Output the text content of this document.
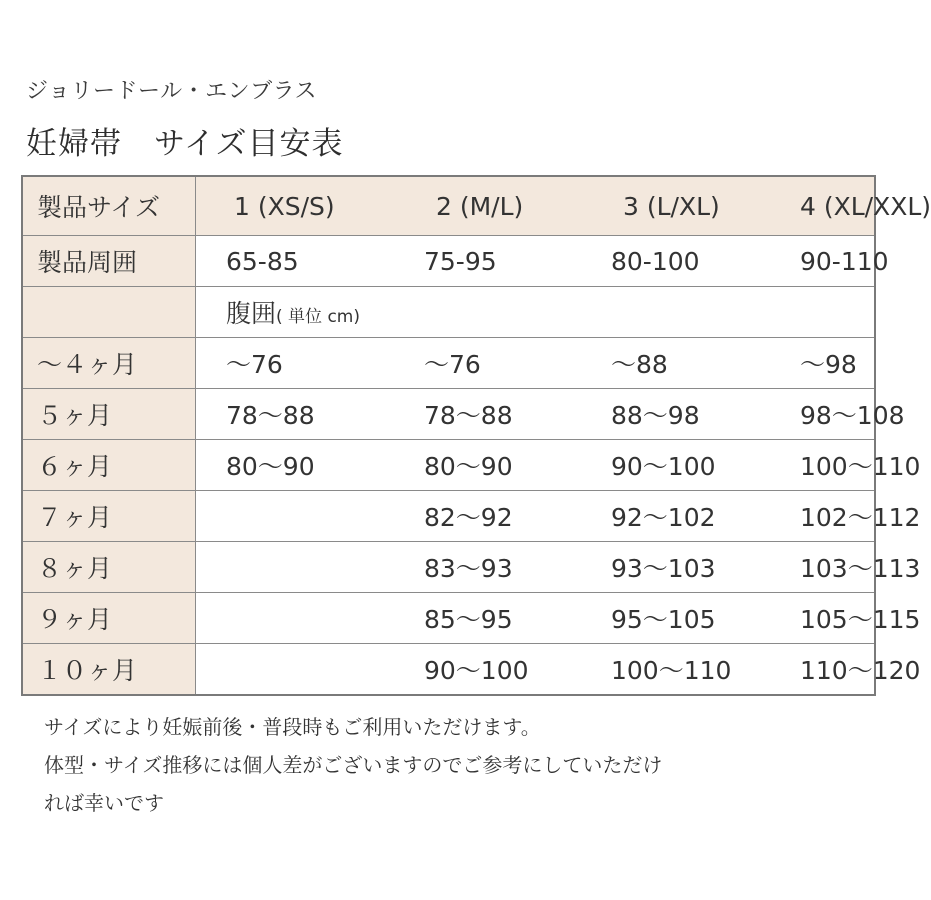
ジョリードール・エンブラス
妊婦帯　サイズ目安表
製品サイズ	1 (XS/S)	2 (M/L)	3 (L/XL)	4 (XL/XXL)
製品周囲	65-85	75-95	80-100	90-110
	腹囲( 単位 cm)			
～４ヶ月	～76	～76	～88	～98
５ヶ月	78～88	78～88	88～98	98～108
６ヶ月	80～90	80～90	90～100	100～110
７ヶ月		82～92	92～102	102～112
８ヶ月		83～93	93～103	103～113
９ヶ月		85～95	95～105	105～115
１０ヶ月		90～100	100～110	110～120
サイズにより妊娠前後・普段時もご利用いただけます。
体型・サイズ推移には個人差がございますのでご参考にしていただけ
れば幸いです
